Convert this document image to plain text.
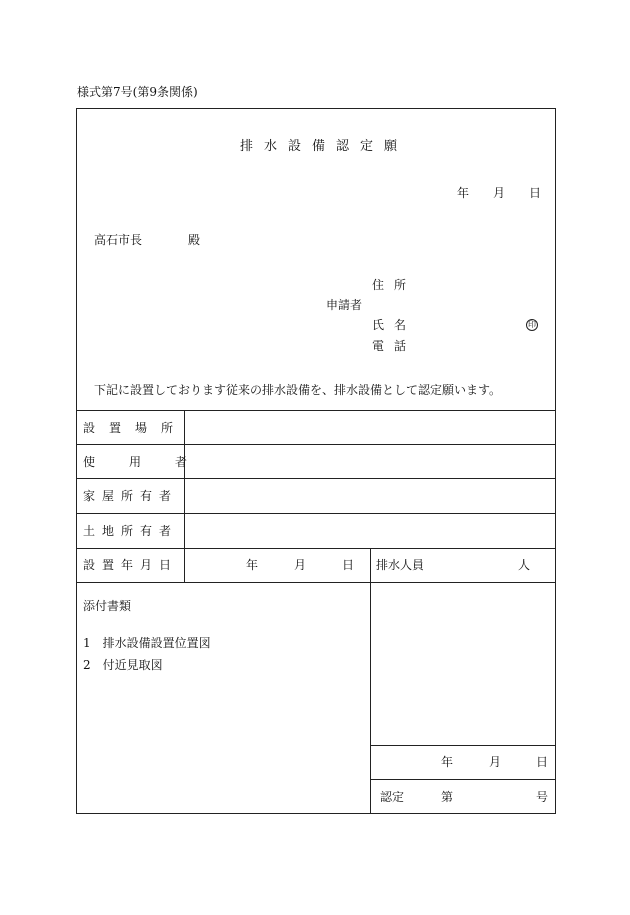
様式第7号(第9条関係)
排水設備認定願
年 月 日
高石市長	殿
住所
申請者
氏名	印
電話
下記に設置しております従来の排水設備を、排水設備として認定願います。
設置場所
使用者
家屋所有者
土地所有者
設置年月日	年	月	日 排水人員	人
添付書類
1　排水設備設置位置図
2　付近見取図
年	月	日
認定	第	号
